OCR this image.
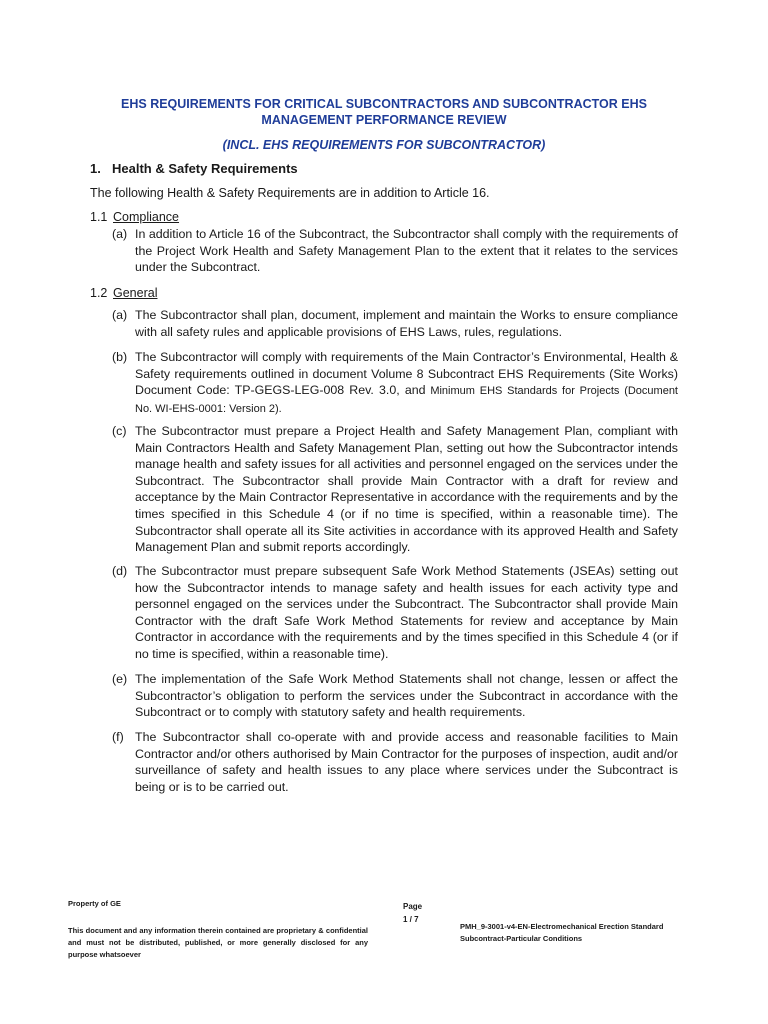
EHS REQUIREMENTS FOR CRITICAL SUBCONTRACTORS AND SUBCONTRACTOR EHS MANAGEMENT PERFORMANCE REVIEW
(INCL. EHS REQUIREMENTS FOR SUBCONTRACTOR)
1. Health & Safety Requirements
The following Health & Safety Requirements are in addition to Article 16.
1.1 Compliance
(a) In addition to Article 16 of the Subcontract, the Subcontractor shall comply with the requirements of the Project Work Health and Safety Management Plan to the extent that it relates to the services under the Subcontract.
1.2 General
(a) The Subcontractor shall plan, document, implement and maintain the Works to ensure compliance with all safety rules and applicable provisions of EHS Laws, rules, regulations.
(b) The Subcontractor will comply with requirements of the Main Contractor’s Environmental, Health & Safety requirements outlined in document Volume 8 Subcontract EHS Requirements (Site Works) Document Code: TP-GEGS-LEG-008 Rev. 3.0, and Minimum EHS Standards for Projects (Document No. WI-EHS-0001: Version 2).
(c) The Subcontractor must prepare a Project Health and Safety Management Plan, compliant with Main Contractors Health and Safety Management Plan, setting out how the Subcontractor intends manage health and safety issues for all activities and personnel engaged on the services under the Subcontract. The Subcontractor shall provide Main Contractor with a draft for review and acceptance by the Main Contractor Representative in accordance with the requirements and by the times specified in this Schedule 4 (or if no time is specified, within a reasonable time). The Subcontractor shall operate all its Site activities in accordance with its approved Health and Safety Management Plan and submit reports accordingly.
(d) The Subcontractor must prepare subsequent Safe Work Method Statements (JSEAs) setting out how the Subcontractor intends to manage safety and health issues for each activity type and personnel engaged on the services under the Subcontract. The Subcontractor shall provide Main Contractor with the draft Safe Work Method Statements for review and acceptance by Main Contractor in accordance with the requirements and by the times specified in this Schedule 4 (or if no time is specified, within a reasonable time).
(e) The implementation of the Safe Work Method Statements shall not change, lessen or affect the Subcontractor’s obligation to perform the services under the Subcontract in accordance with the Subcontract or to comply with statutory safety and health requirements.
(f) The Subcontractor shall co-operate with and provide access and reasonable facilities to Main Contractor and/or others authorised by Main Contractor for the purposes of inspection, audit and/or surveillance of safety and health issues to any place where services under the Subcontract is being or is to be carried out.
Property of GE
This document and any information therein contained are proprietary & confidential and must not be distributed, published, or more generally disclosed for any purpose whatsoever
Page
1 / 7
PMH_9-3001-v4-EN-Electromechanical Erection Standard
Subcontract-Particular Conditions
